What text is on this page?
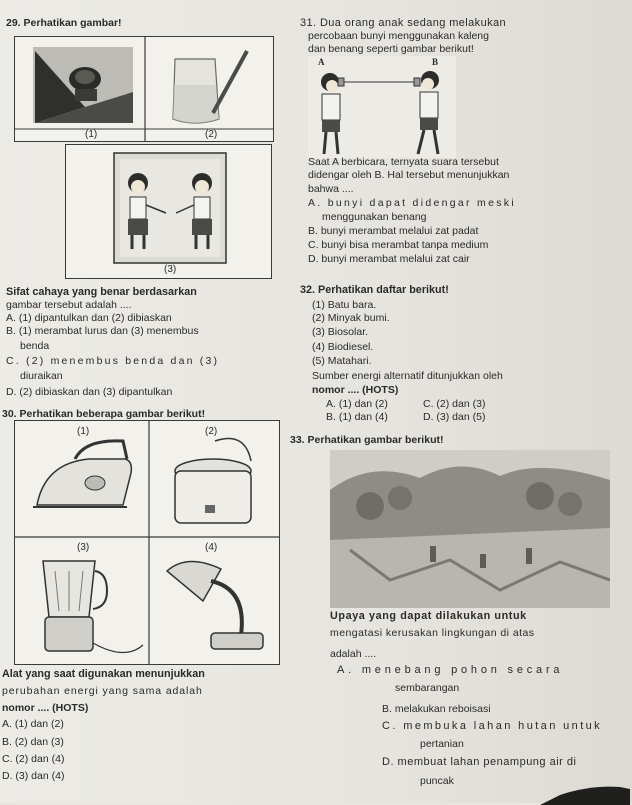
29. Perhatikan gambar!
(1)	(2)
(3)
Sifat cahaya yang benar berdasarkan
gambar tersebut adalah ....
A. (1) dipantulkan dan (2) dibiaskan
B. (1) merambat lurus dan (3) menembus
benda
C. (2) menembus benda dan (3)
diuraikan
D. (2) dibiaskan dan (3) dipantulkan
30. Perhatikan beberapa gambar berikut!
(1)	(2)
(3)	(4)
Alat yang saat digunakan menunjukkan
perubahan energi yang sama adalah
nomor .... (HOTS)
A. (1) dan (2)
B. (2) dan (3)
C. (2) dan (4)
D. (3) dan (4)
31. Dua orang anak sedang melakukan
percobaan bunyi menggunakan kaleng
dan benang seperti gambar berikut!
A	B
Saat A berbicara, ternyata suara tersebut
didengar oleh B. Hal tersebut menunjukkan
bahwa ....
A. bunyi dapat didengar meski
menggunakan benang
B. bunyi merambat melalui zat padat
C. bunyi bisa merambat tanpa medium
D. bunyi merambat melalui zat cair
32. Perhatikan daftar berikut!
(1) Batu bara.
(2) Minyak bumi.
(3) Biosolar.
(4) Biodiesel.
(5) Matahari.
Sumber energi alternatif ditunjukkan oleh
nomor .... (HOTS)
A. (1) dan (2)	C. (2) dan (3)
B. (1) dan (4)	D. (3) dan (5)
33. Perhatikan gambar berikut!
Upaya yang dapat dilakukan untuk
mengatasi kerusakan lingkungan di atas
adalah ....
A. menebang pohon secara
sembarangan
B. melakukan reboisasi
C. membuka lahan hutan untuk
pertanian
D. membuat lahan penampung air di
puncak
